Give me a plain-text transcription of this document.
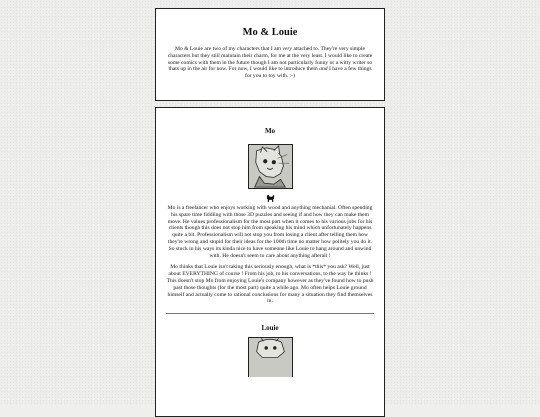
Mo & Louie

Mo & Louie are two of my characters that I am very attached to. They're very simple characters but they still maintain their charm, for me at the very least. I would like to create some comics with them in the future though I am not particularly funny or a witty writer so thats up in the air for now. For now, I would like to introduce them and I have a few things for you to toy with. :-)

Mo

Mo is a freelancer who enjoys working with wood and anything mechanial. Often spending his spare time fiddling with those 3D puzzles and seeing if and how they can make them move. He values professionalism for the most part when it comes to his various jobs for his clients though this does not stop him from speaking his mind which unfortunately happens quite a bit. Professionalism will not stop you from losing a client after telling them how they're wrong and stupid for their ideas for the 100th time no matter how politely you do it. So stuck in his ways its kinda nice to have someone like Louie to hang around and unwind with. He doesn't seem to care about anything afterall !

Mo thinks that Louie isn't taking this seriously enough, what is *this* you ask? Well, just about EVERYTHING of course ! From his job, to his conversations, to the way he thinks ! This doesn't stop Mo from enjoying Louie's company however as they've found how to push past those thoughts (for the most part) quite a while ago. Mo often helps Louie ground himself and actually come to rational conclusions for many a situation they find themselves in.

Louie
